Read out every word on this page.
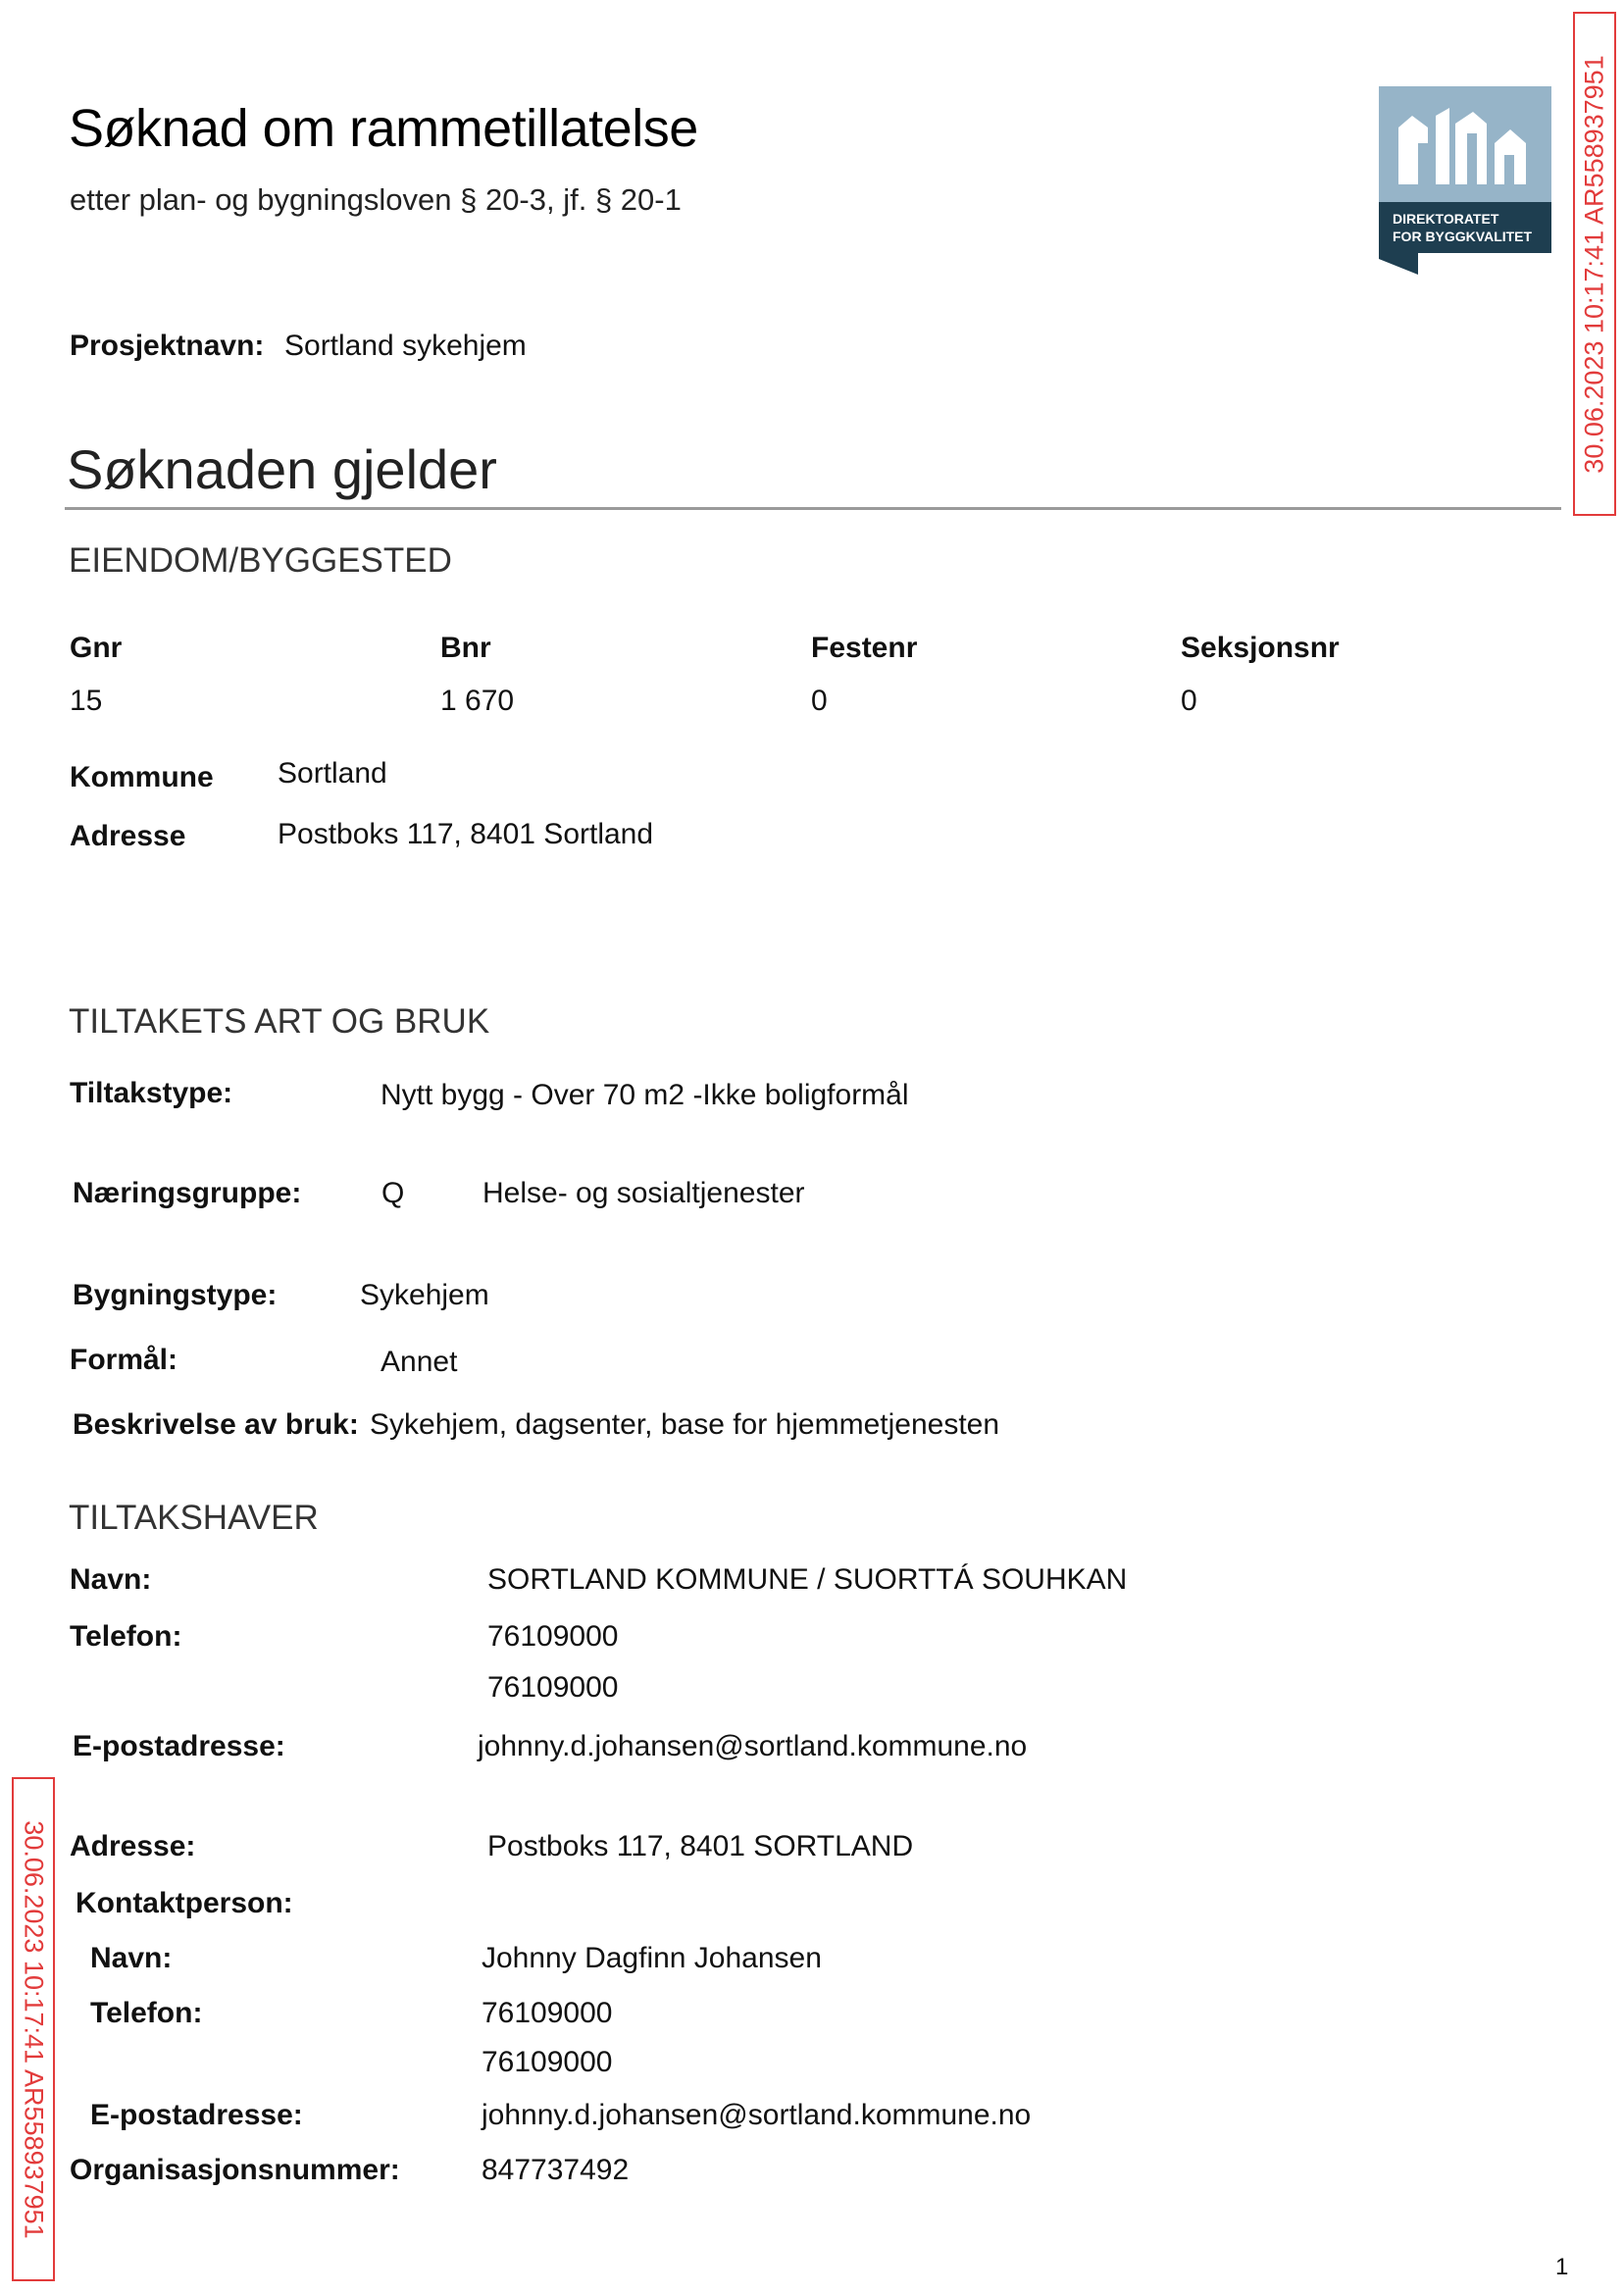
Søknad om rammetillatelse
etter plan- og bygningsloven § 20-3, jf. § 20-1
Prosjektnavn: Sortland sykehjem
DIREKTORATET
FOR BYGGKVALITET 30.06.2023 10:17:41 AR558937951
30.06.2023 10:17:41 AR558937951
Søknaden gjelder
EIENDOM/BYGGESTED
Gnr	Bnr	Festenr	Seksjonsnr
15	1 670	0	0
Kommune Sortland
Adresse	Postboks 117, 8401 Sortland
TILTAKETS ART OG BRUK
Tiltakstype:	Nytt bygg - Over 70 m2 -Ikke boligformål
Næringsgruppe:	Q	Helse- og sosialtjenester
Bygningstype:	Sykehjem
Formål:	Annet
Beskrivelse av bruk: Sykehjem, dagsenter, base for hjemmetjenesten
TILTAKSHAVER
Navn:	SORTLAND KOMMUNE / SUORTTÁ SOUHKAN
Telefon:	76109000
76109000
E-postadresse:	johnny.d.johansen@sortland.kommune.no
Adresse:	Postboks 117, 8401 SORTLAND
Kontaktperson:
Navn:	Johnny Dagfinn Johansen
Telefon:	76109000
76109000
E-postadresse:	johnny.d.johansen@sortland.kommune.no
Organisasjonsnummer:	847737492
1
